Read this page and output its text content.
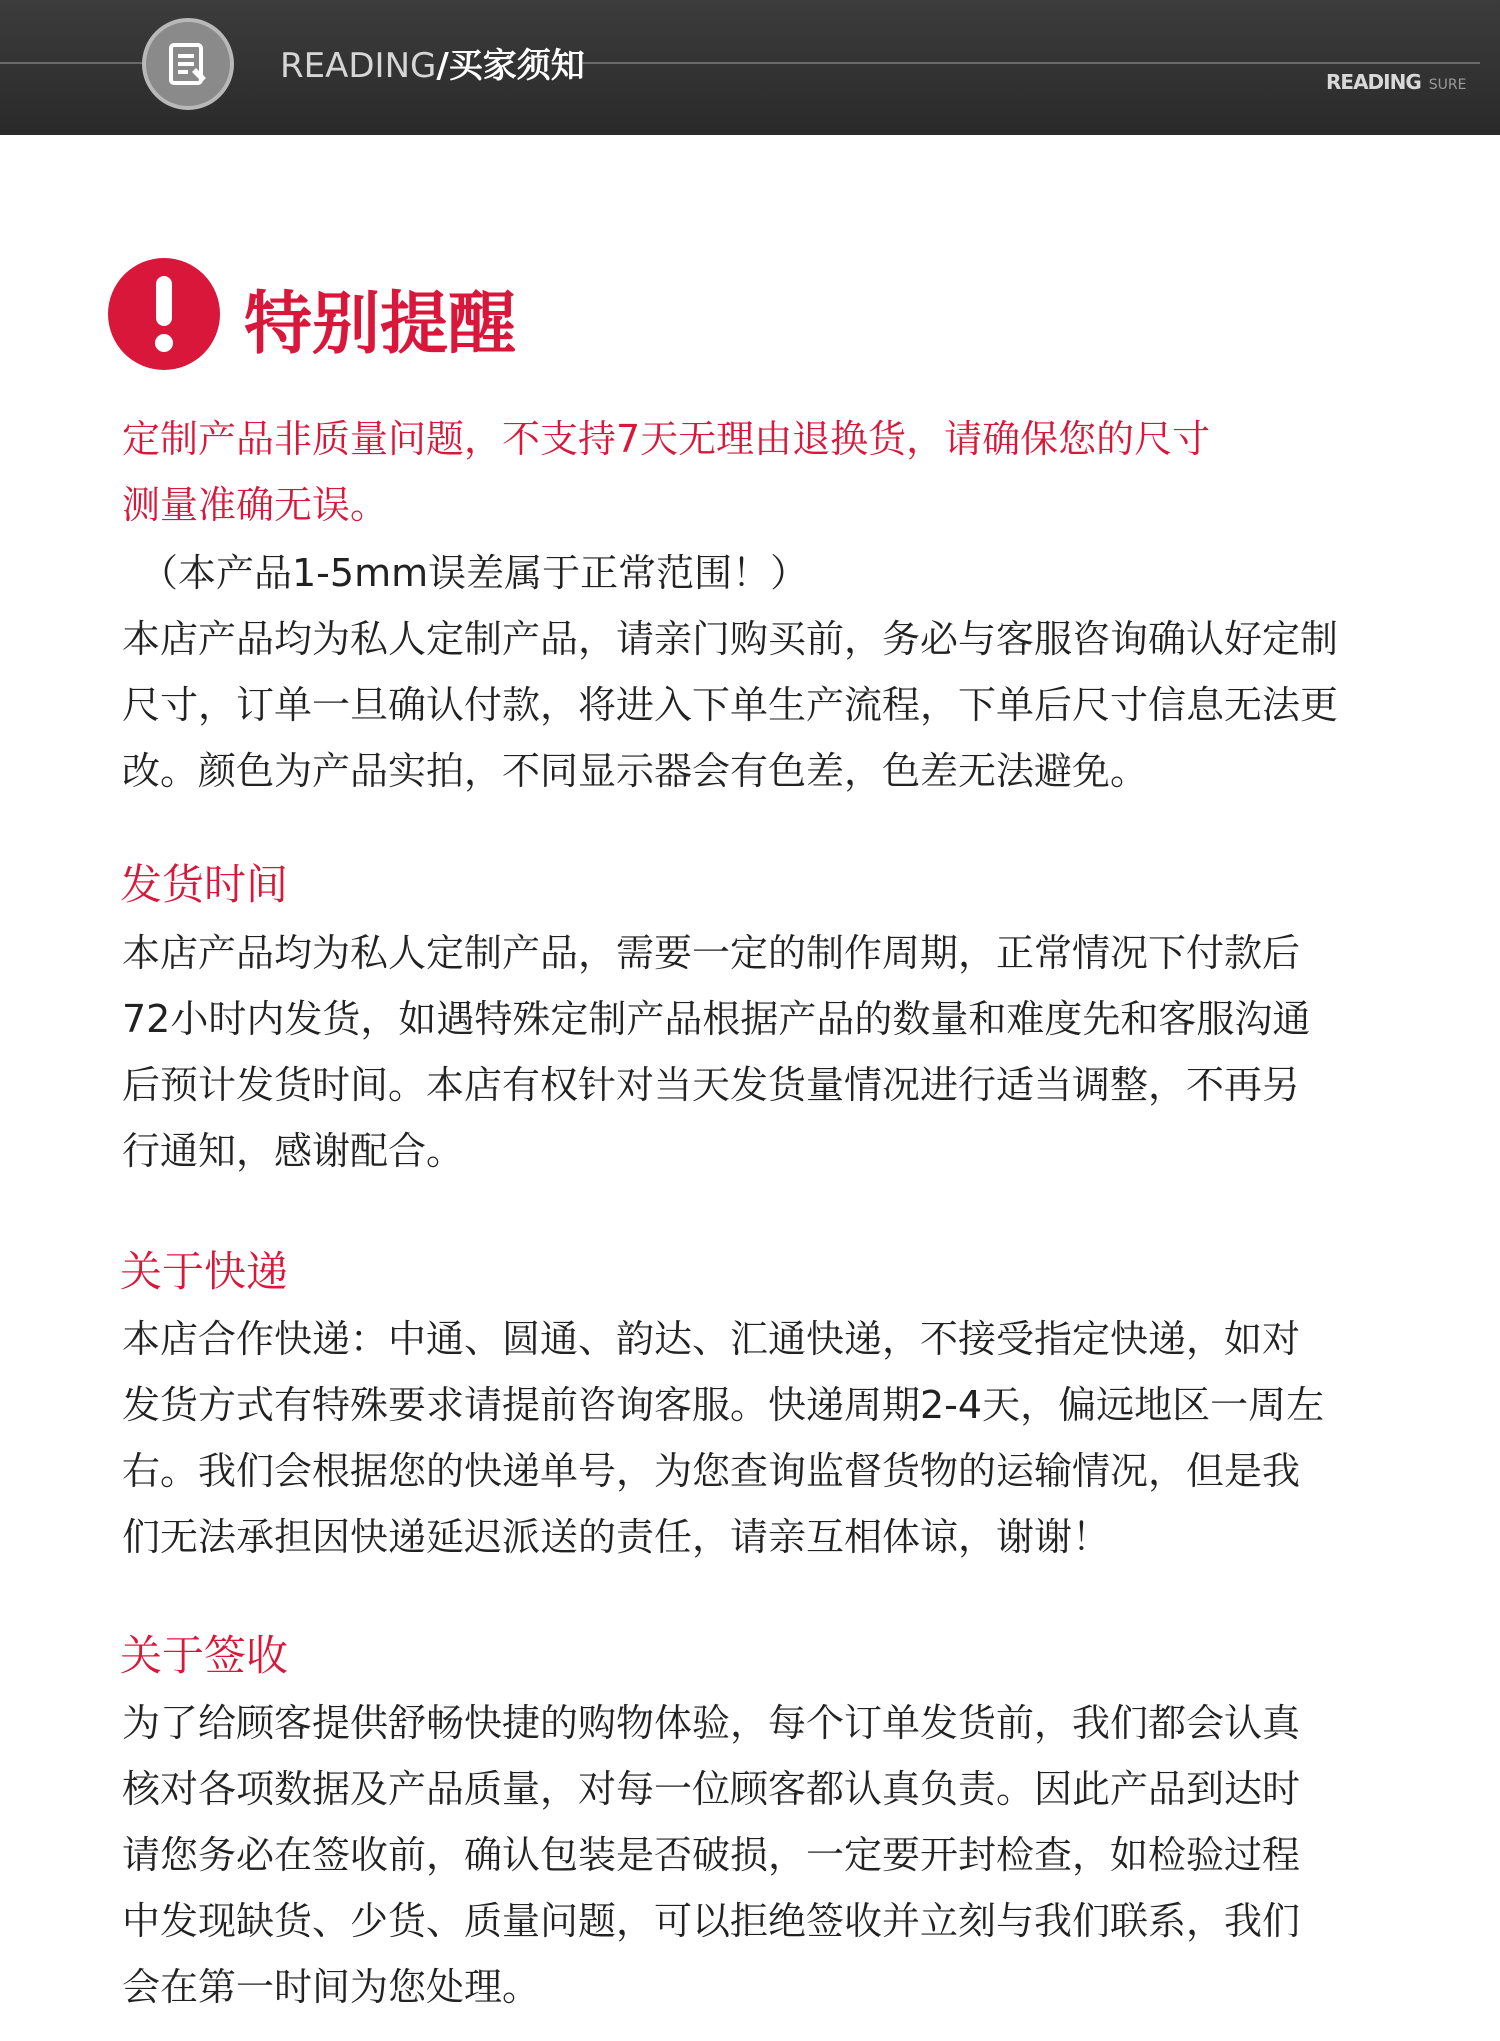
READING/买家须知	READING SURE
特别提醒
定制产品非质量问题，不支持7天无理由退换货，请确保您的尺寸
测量准确无误。
（本产品1-5mm误差属于正常范围！）
本店产品均为私人定制产品，请亲门购买前，务必与客服咨询确认好定制
尺寸，订单一旦确认付款，将进入下单生产流程，下单后尺寸信息无法更
改。颜色为产品实拍，不同显示器会有色差，色差无法避免。
发货时间
本店产品均为私人定制产品，需要一定的制作周期，正常情况下付款后
72小时内发货，如遇特殊定制产品根据产品的数量和难度先和客服沟通
后预计发货时间。本店有权针对当天发货量情况进行适当调整，不再另
行通知，感谢配合。
关于快递
本店合作快递：中通、圆通、韵达、汇通快递，不接受指定快递，如对
发货方式有特殊要求请提前咨询客服。快递周期2-4天，偏远地区一周左
右。我们会根据您的快递单号，为您查询监督货物的运输情况，但是我
们无法承担因快递延迟派送的责任，请亲互相体谅，谢谢！
关于签收
为了给顾客提供舒畅快捷的购物体验，每个订单发货前，我们都会认真
核对各项数据及产品质量，对每一位顾客都认真负责。因此产品到达时
请您务必在签收前，确认包装是否破损，一定要开封检查，如检验过程
中发现缺货、少货、质量问题，可以拒绝签收并立刻与我们联系，我们
会在第一时间为您处理。
